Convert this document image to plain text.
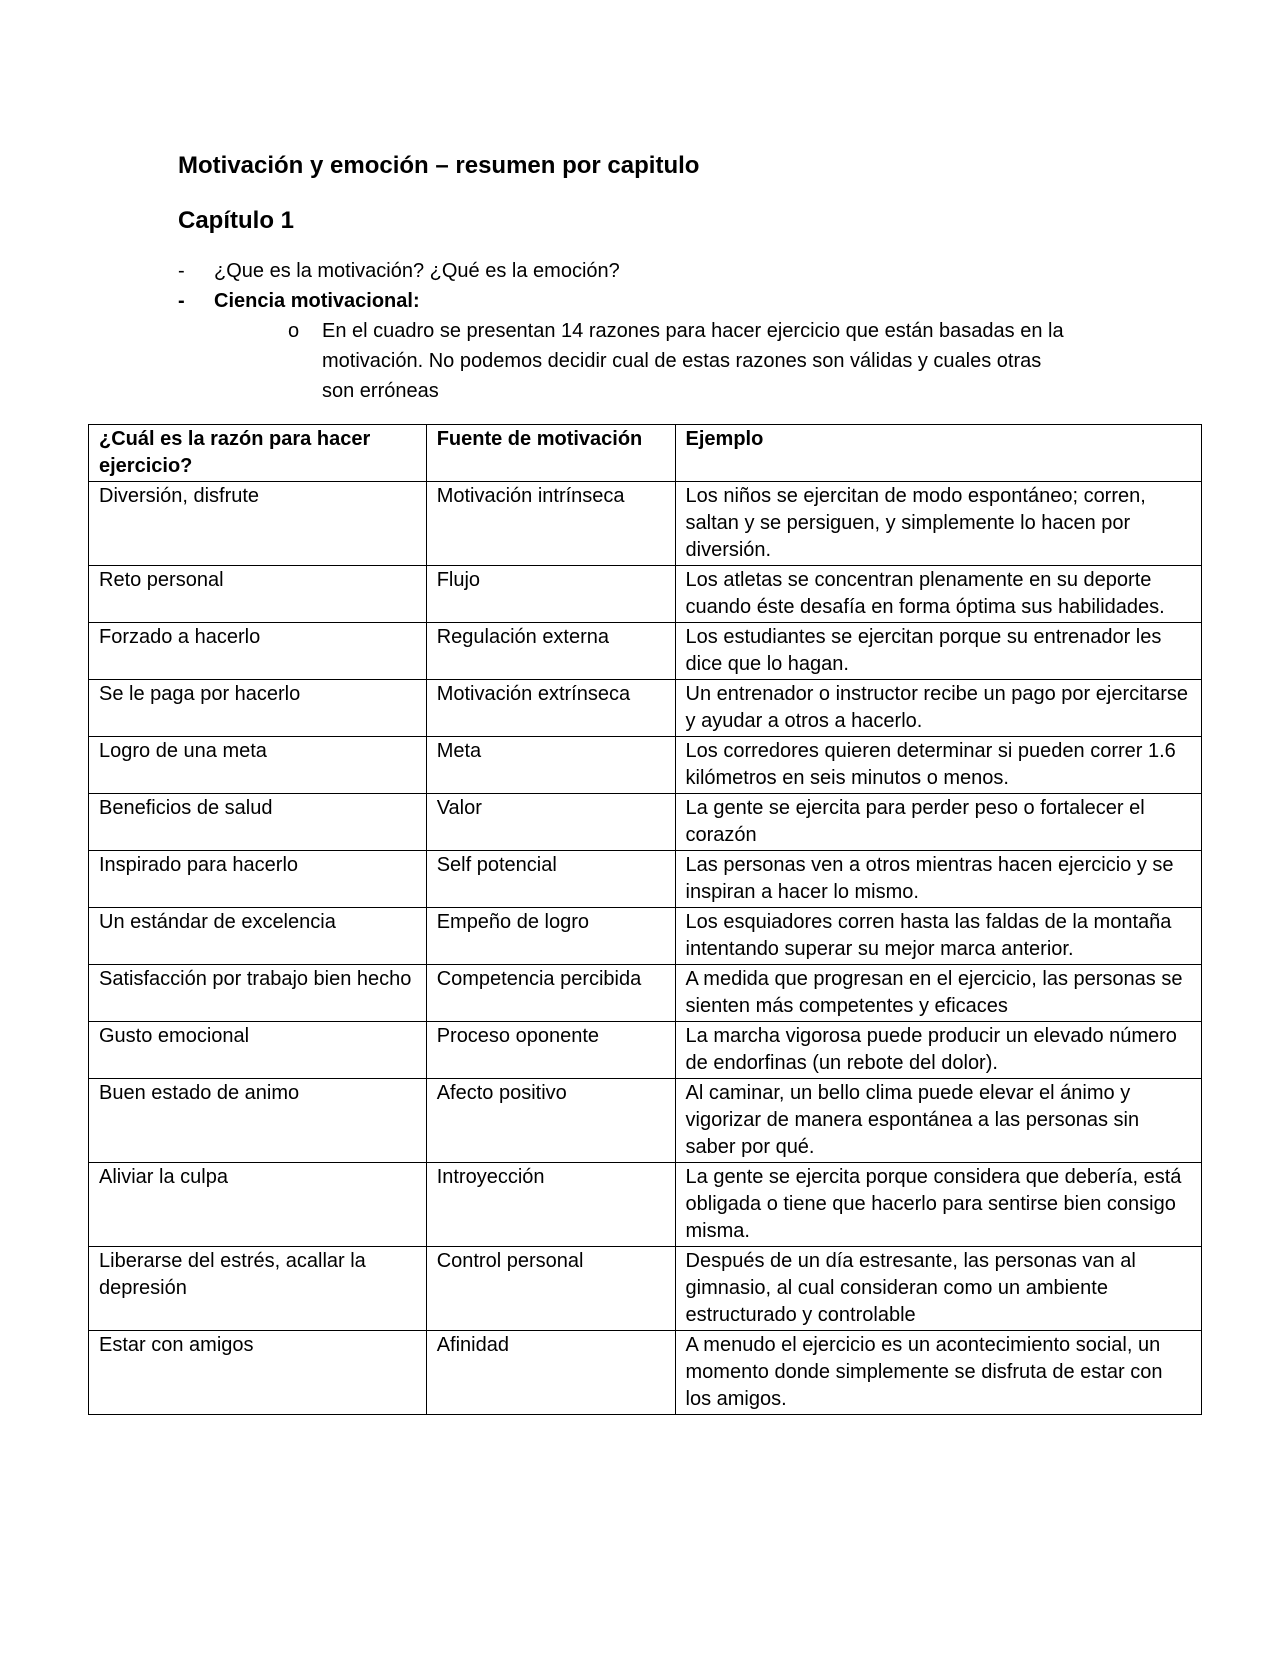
Motivación y emoción – resumen por capitulo
Capítulo 1
- ¿Que es la motivación? ¿Qué es la emoción?
- Ciencia motivacional:
o	En el cuadro se presentan 14 razones para hacer ejercicio que están basadas en la motivación. No podemos decidir cual de estas razones son válidas y cuales otras son erróneas
¿Cuál es la razón para hacer ejercicio?	Fuente de motivación	Ejemplo
Diversión, disfrute	Motivación intrínseca	Los niños se ejercitan de modo espontáneo; corren, saltan y se persiguen, y simplemente lo hacen por diversión.
Reto personal	Flujo	Los atletas se concentran plenamente en su deporte cuando éste desafía en forma óptima sus habilidades.
Forzado a hacerlo	Regulación externa	Los estudiantes se ejercitan porque su entrenador les dice que lo hagan.
Se le paga por hacerlo	Motivación extrínseca	Un entrenador o instructor recibe un pago por ejercitarse y ayudar a otros a hacerlo.
Logro de una meta	Meta	Los corredores quieren determinar si pueden correr 1.6 kilómetros en seis minutos o menos.
Beneficios de salud	Valor	La gente se ejercita para perder peso o fortalecer el corazón
Inspirado para hacerlo	Self potencial	Las personas ven a otros mientras hacen ejercicio y se inspiran a hacer lo mismo.
Un estándar de excelencia	Empeño de logro	Los esquiadores corren hasta las faldas de la montaña intentando superar su mejor marca anterior.
Satisfacción por trabajo bien hecho	Competencia percibida	A medida que progresan en el ejercicio, las personas se sienten más competentes y eficaces
Gusto emocional	Proceso oponente	La marcha vigorosa puede producir un elevado número de endorfinas (un rebote del dolor).
Buen estado de animo	Afecto positivo	Al caminar, un bello clima puede elevar el ánimo y vigorizar de manera espontánea a las personas sin saber por qué.
Aliviar la culpa	Introyección	La gente se ejercita porque considera que debería, está obligada o tiene que hacerlo para sentirse bien consigo misma.
Liberarse del estrés, acallar la depresión	Control personal	Después de un día estresante, las personas van al gimnasio, al cual consideran como un ambiente estructurado y controlable
Estar con amigos	Afinidad	A menudo el ejercicio es un acontecimiento social, un momento donde simplemente se disfruta de estar con los amigos.
